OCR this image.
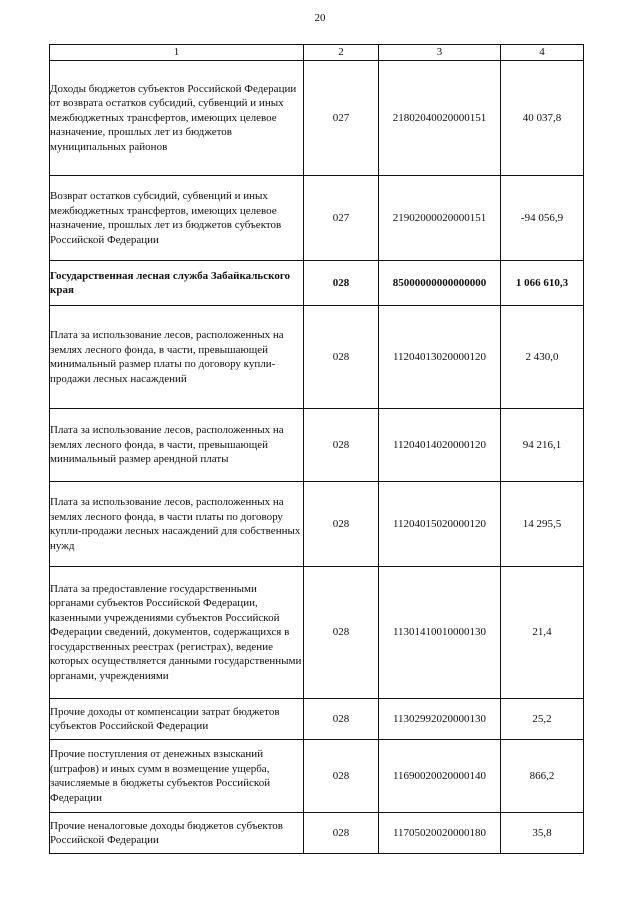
20
1	2	3	4
Доходы бюджетов субъектов Российской Федерации от возврата остатков субсидий, субвенций и иных межбюджетных трансфертов, имеющих целевое назначение, прошлых лет из бюджетов муниципальных районов	027	21802040020000151	40 037,8
Возврат остатков субсидий, субвенций и иных межбюджетных трансфертов, имеющих целевое назначение, прошлых лет из бюджетов субъектов Российской Федерации	027	21902000020000151	-94 056,9
Государственная лесная служба Забайкальского края	028	85000000000000000	1 066 610,3
Плата за использование лесов, расположенных на землях лесного фонда, в части, превышающей минимальный размер платы по договору купли-продажи лесных насаждений	028	11204013020000120	2 430,0
Плата за использование лесов, расположенных на землях лесного фонда, в части, превышающей минимальный размер арендной платы	028	11204014020000120	94 216,1
Плата за использование лесов, расположенных на землях лесного фонда, в части платы по договору купли-продажи лесных насаждений для собственных нужд	028	11204015020000120	14 295,5
Плата за предоставление государственными органами субъектов Российской Федерации, казенными учреждениями субъектов Российской Федерации сведений, документов, содержащихся в государственных реестрах (регистрах), ведение которых осуществляется данными государственными органами, учреждениями	028	11301410010000130	21,4
Прочие доходы от компенсации затрат бюджетов субъектов Российской Федерации	028	11302992020000130	25,2
Прочие поступления от денежных взысканий (штрафов) и иных сумм в возмещение ущерба, зачисляемые в бюджеты субъектов Российской Федерации	028	11690020020000140	866,2
Прочие неналоговые доходы бюджетов субъектов Российской Федерации	028	11705020020000180	35,8
